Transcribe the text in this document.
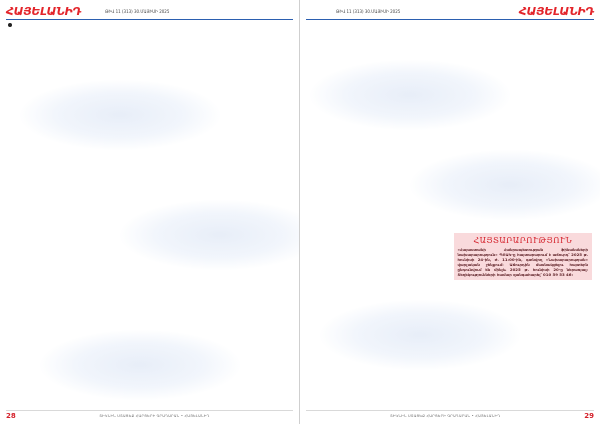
ՀԱՅԵԼԱՆԻԴ	ԹԻՎ 11 (313) 30.ՄԱՅԻՍԻ 2025
28	ՏԻԿՆԻՆ ՍՏԱՑԵՔ ՀԱՐՑԵՐԻ ԳՐԱԴԱՐԱՆ • ՀԱՅԵԼԱՆԻԴ
ԹԻՎ 11 (313) 30.ՄԱՅԻՍԻ 2025	ՀԱՅԵԼԱՆԻԴ
ՀԱՅՏԱՐԱՐՈՒԹՅՈՒՆ
«Հայաստանի Հանրապետության ֆինանսների նախարարություն» ՊՈԱԿ-ը հայտարարում է աճուրդ՝ 2025 թ. հունիսի 24-ին, ժ. 11:00-ին, գտնվող «Նախարարության» վարչական շենքում: Աճուրդին մասնակցելու հայտերն ընդունվում են մինչև 2025 թ. հունիսի 20-ը ներառյալ: Տեղեկությունների համար զանգահարել՝ 010 59 53 46:
ՏԻԿՆԻՆ ՍՏԱՑԵՔ ՀԱՐՑԵՐԻ ԳՐԱԴԱՐԱՆ • ՀԱՅԵԼԱՆԻԴ	29
